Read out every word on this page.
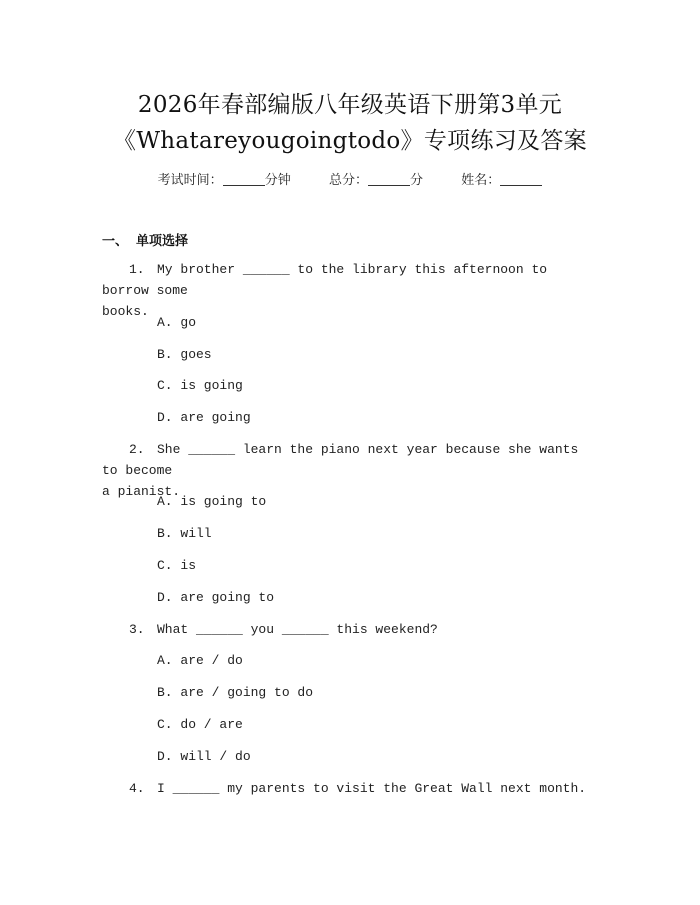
2026年春部编版八年级英语下册第3单元
《Whatareyougoingtodo》专项练习及答案
考试时间：	分钟	总分：	分	姓名：
一、 单项选择
1. My brother ______ to the library this afternoon to borrow some
books.
A. go
B. goes
C. is going
D. are going
2. She ______ learn the piano next year because she wants to become
a pianist.
A. is going to
B. will
C. is
D. are going to
3. What ______ you ______ this weekend?
A. are / do
B. are / going to do
C. do / are
D. will / do
4. I ______ my parents to visit the Great Wall next month.
